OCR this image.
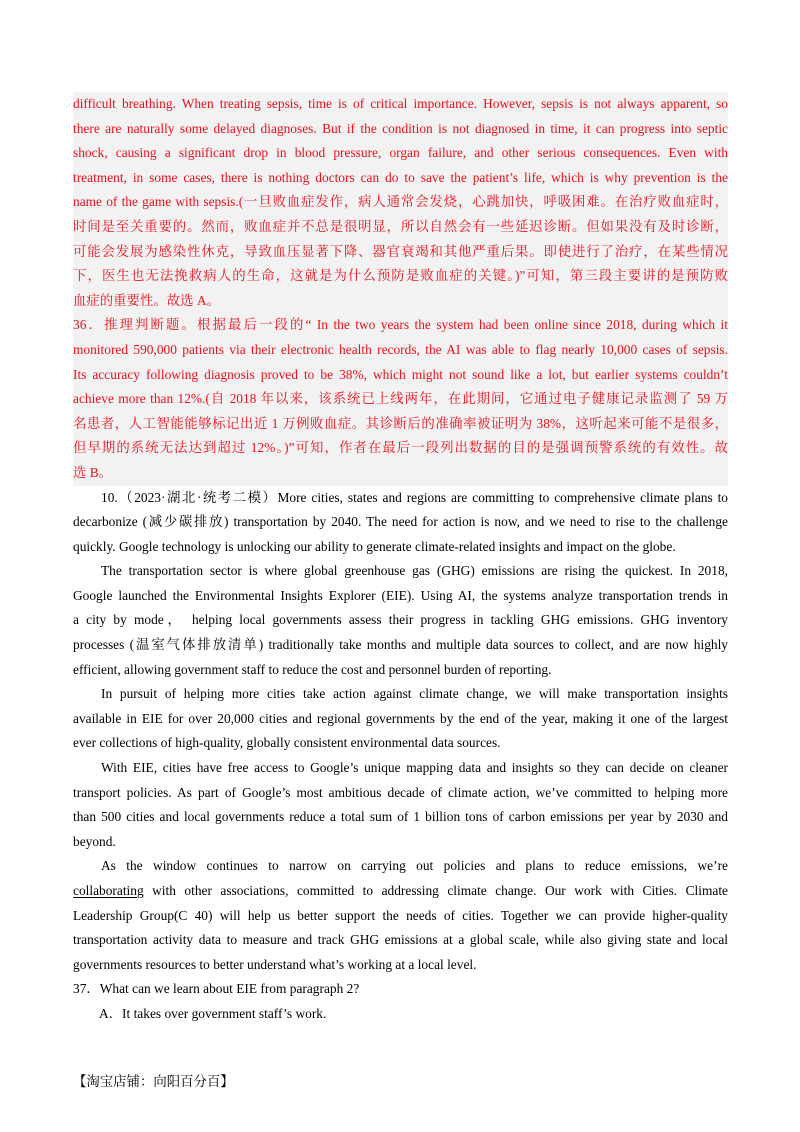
difficult breathing. When treating sepsis, time is of critical importance. However, sepsis is not always apparent, so
there are naturally some delayed diagnoses. But if the condition is not diagnosed in time, it can progress into septic
shock, causing a significant drop in blood pressure, organ failure, and other serious consequences. Even with
treatment, in some cases, there is nothing doctors can do to save the patient’s life, which is why prevention is the
name of the game with sepsis.(一旦败血症发作，病人通常会发烧，心跳加快，呼吸困难。在治疗败血症时，
时间是至关重要的。然而，败血症并不总是很明显，所以自然会有一些延迟诊断。但如果没有及时诊断，
可能会发展为感染性休克，导致血压显著下降、器官衰竭和其他严重后果。即使进行了治疗，在某些情况
下，医生也无法挽救病人的生命，这就是为什么预防是败血症的关键。)”可知，第三段主要讲的是预防败
血症的重要性。故选 A。
36．推理判断题。根据最后一段的“ In the two years the system had been online since 2018, during which it
monitored 590,000 patients via their electronic health records, the AI was able to flag nearly 10,000 cases of sepsis.
Its accuracy following diagnosis proved to be 38%, which might not sound like a lot, but earlier systems couldn’t
achieve more than 12%.(自 2018 年以来，该系统已上线两年，在此期间，它通过电子健康记录监测了 59 万
名患者，人工智能能够标记出近 1 万例败血症。其诊断后的准确率被证明为 38%，这听起来可能不是很多，
但早期的系统无法达到超过 12%。)”可知，作者在最后一段列出数据的目的是强调预警系统的有效性。故
选 B。
10.（2023·湖北·统考二模）More cities, states and regions are committing to comprehensive climate plans to
decarbonize (减少碳排放) transportation by 2040. The need for action is now, and we need to rise to the challenge
quickly. Google technology is unlocking our ability to generate climate-related insights and impact on the globe.
The transportation sector is where global greenhouse gas (GHG) emissions are rising the quickest. In 2018,
Google launched the Environmental Insights Explorer (EIE). Using AI, the systems analyze transportation trends in
a city by mode， helping local governments assess their progress in tackling GHG emissions. GHG inventory
processes (温室气体排放清单) traditionally take months and multiple data sources to collect, and are now highly
efficient, allowing government staff to reduce the cost and personnel burden of reporting.
In pursuit of helping more cities take action against climate change, we will make transportation insights
available in EIE for over 20,000 cities and regional governments by the end of the year, making it one of the largest
ever collections of high-quality, globally consistent environmental data sources.
With EIE, cities have free access to Google’s unique mapping data and insights so they can decide on cleaner
transport policies. As part of Google’s most ambitious decade of climate action, we’ve committed to helping more
than 500 cities and local governments reduce a total sum of 1 billion tons of carbon emissions per year by 2030 and
beyond.
As the window continues to narrow on carrying out policies and plans to reduce emissions, we’re
collaborating with other associations, committed to addressing climate change. Our work with Cities. Climate
Leadership Group(C 40) will help us better support the needs of cities. Together we can provide higher-quality
transportation activity data to measure and track GHG emissions at a global scale, while also giving state and local
governments resources to better understand what’s working at a local level.
37．What can we learn about EIE from paragraph 2?
A．It takes over government staff’s work.
【淘宝店铺：向阳百分百】
